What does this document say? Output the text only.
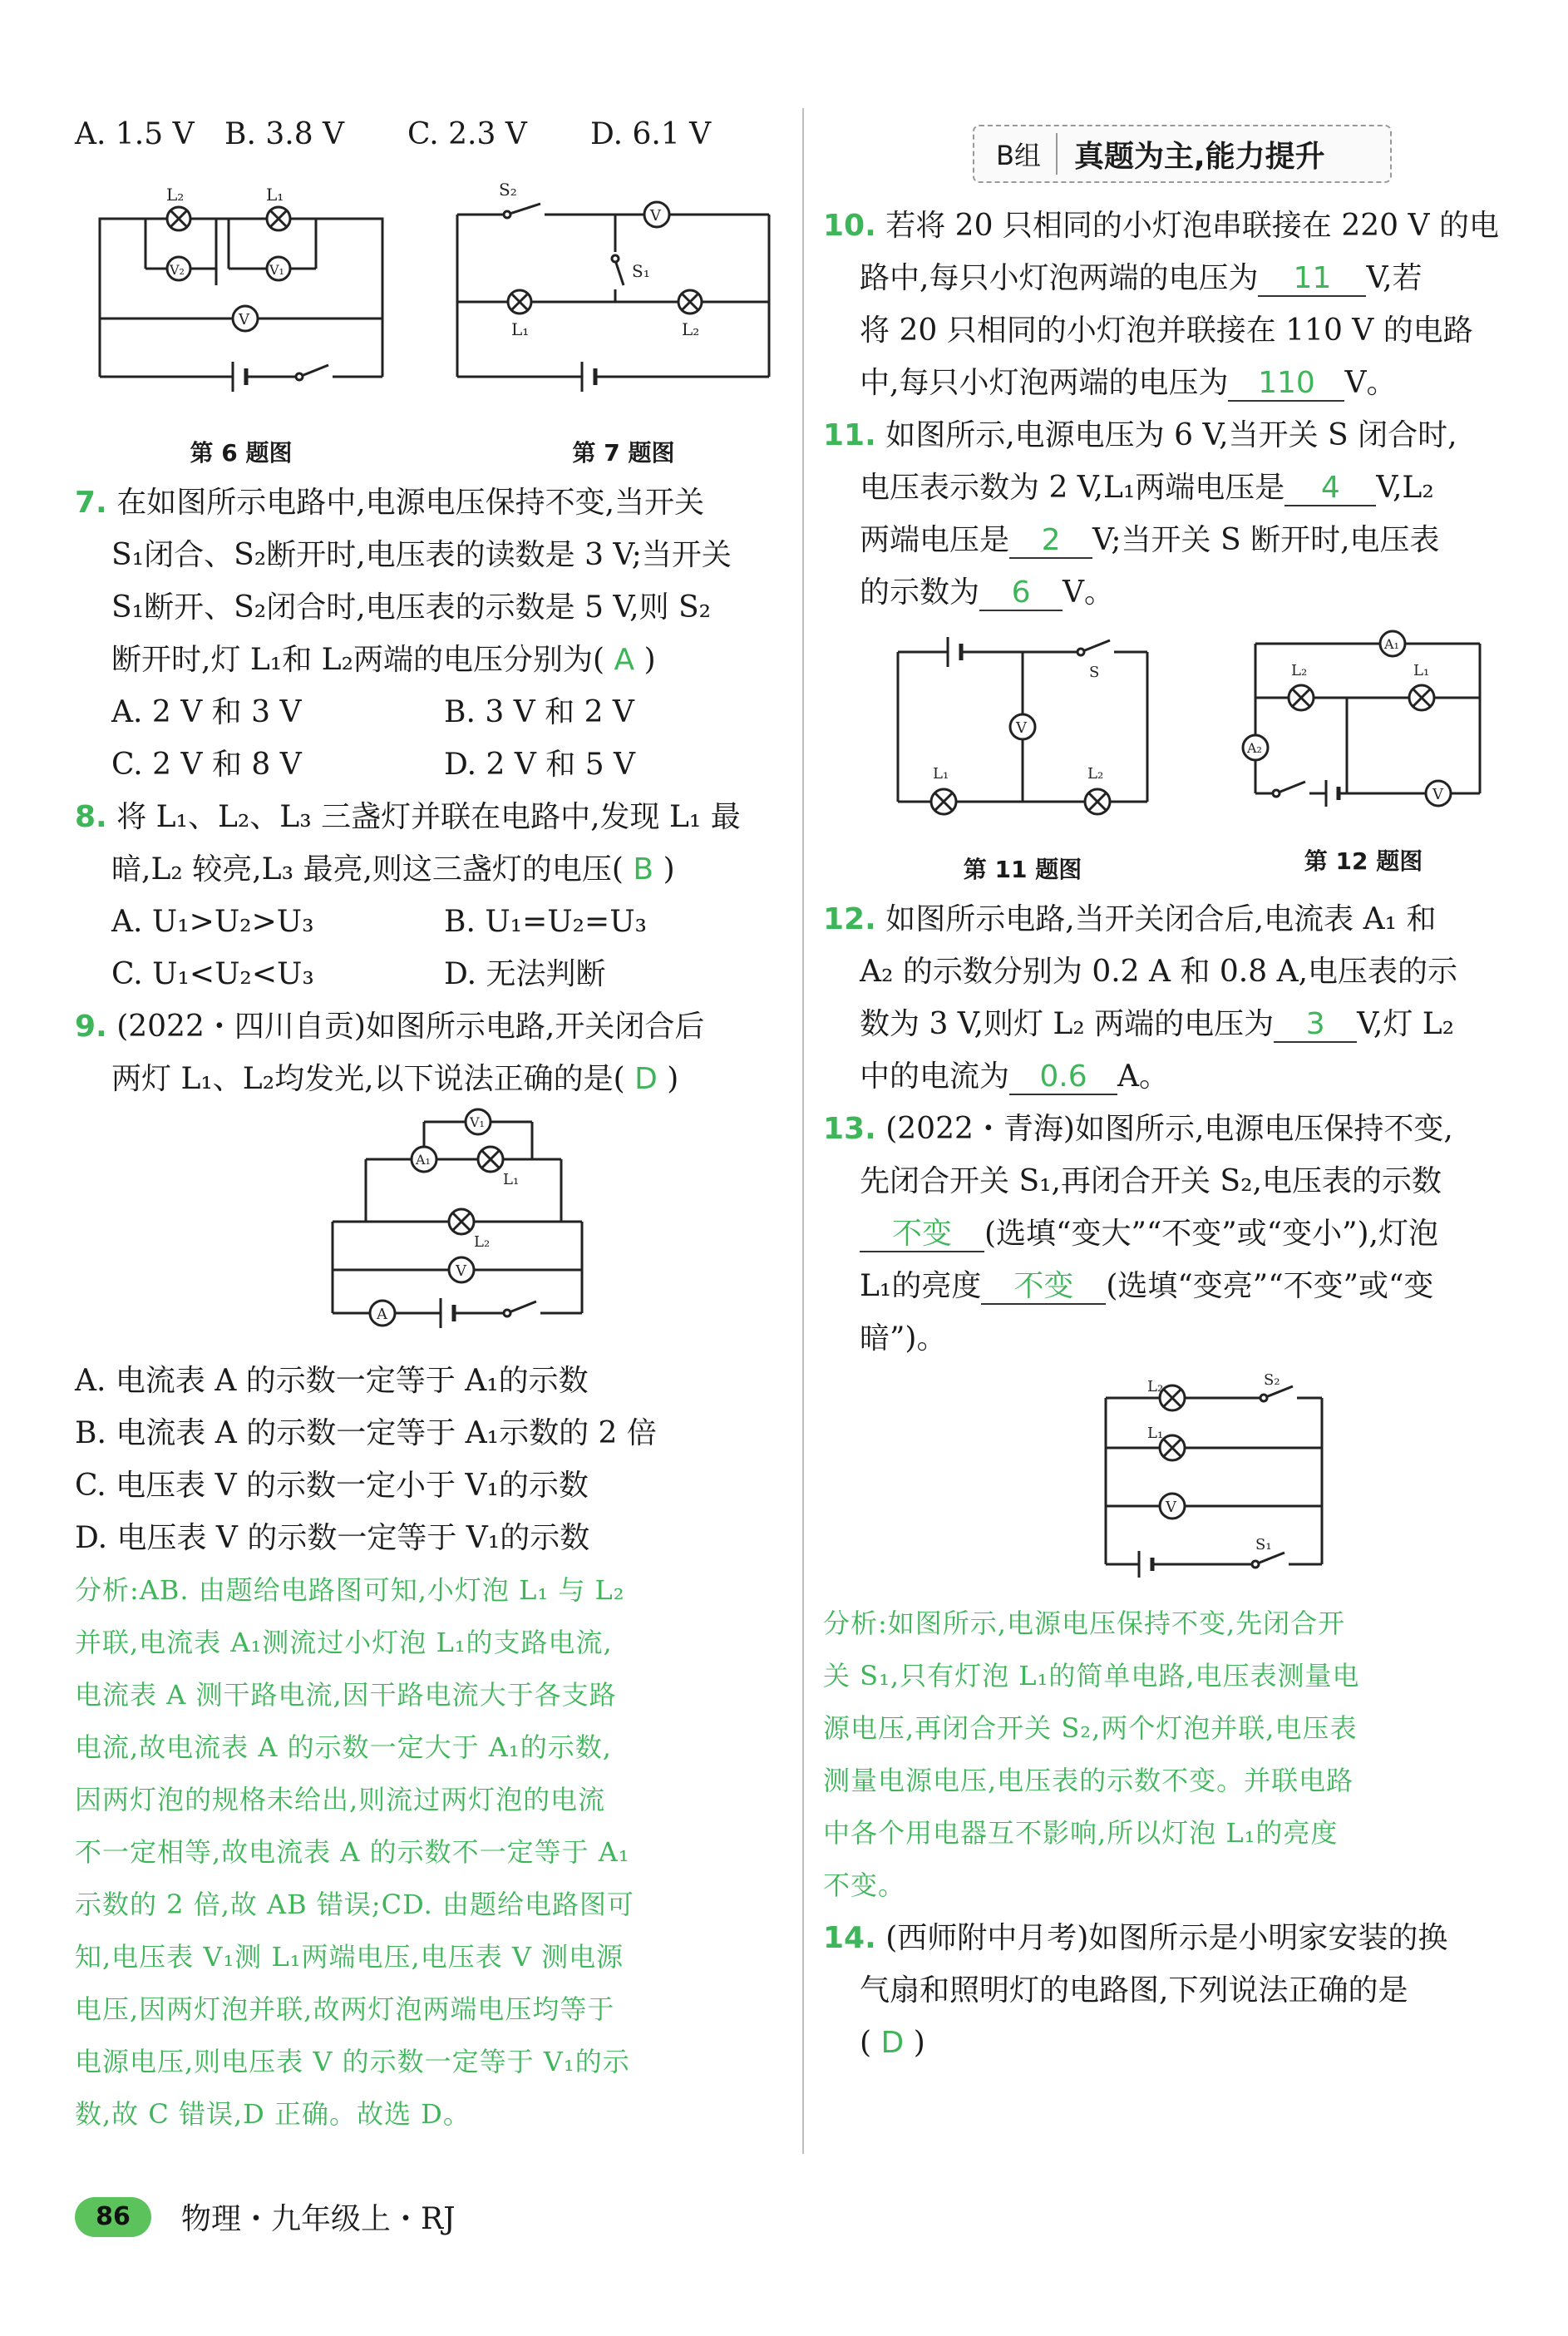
A. 1.5 V B. 3.8 V C. 2.3 V D. 6.1 V
L₂	L₁
V₂	V₁
V
第 6 题图
S₂
S₁
V
L₁	L₂
第 7 题图
7. 在如图所示电路中,电源电压保持不变,当开关
S₁闭合、S₂断开时,电压表的读数是 3 V;当开关
S₁断开、S₂闭合时,电压表的示数是 5 V,则 S₂
断开时,灯 L₁和 L₂两端的电压分别为( A )
A. 2 V 和 3 V	B. 3 V 和 2 V
C. 2 V 和 8 V	D. 2 V 和 5 V
8. 将 L₁、L₂、L₃ 三盏灯并联在电路中,发现 L₁ 最
暗,L₂ 较亮,L₃ 最亮,则这三盏灯的电压( B )
A. U₁>U₂>U₃	B. U₁=U₂=U₃
C. U₁<U₂<U₃	D. 无法判断
9. (2022・四川自贡)如图所示电路,开关闭合后
两灯 L₁、L₂均发光,以下说法正确的是( D )
V₁
A₁
L₁
L₂
V
A
A. 电流表 A 的示数一定等于 A₁的示数
B. 电流表 A 的示数一定等于 A₁示数的 2 倍
C. 电压表 V 的示数一定小于 V₁的示数
D. 电压表 V 的示数一定等于 V₁的示数
分析:AB. 由题给电路图可知,小灯泡 L₁ 与 L₂
并联,电流表 A₁测流过小灯泡 L₁的支路电流,
电流表 A 测干路电流,因干路电流大于各支路
电流,故电流表 A 的示数一定大于 A₁的示数,
因两灯泡的规格未给出,则流过两灯泡的电流
不一定相等,故电流表 A 的示数不一定等于 A₁
示数的 2 倍,故 AB 错误;CD. 由题给电路图可
知,电压表 V₁测 L₁两端电压,电压表 V 测电源
电压,因两灯泡并联,故两灯泡两端电压均等于
电源电压,则电压表 V 的示数一定等于 V₁的示
数,故 C 错误,D 正确。故选 D。
B组	真题为主,能力提升
10. 若将 20 只相同的小灯泡串联接在 220 V 的电
路中,每只小灯泡两端的电压为 11 V,若
将 20 只相同的小灯泡并联接在 110 V 的电路
中,每只小灯泡两端的电压为 110 V。
11. 如图所示,电源电压为 6 V,当开关 S 闭合时,
电压表示数为 2 V,L₁两端电压是 4 V,L₂
两端电压是 2 V;当开关 S 断开时,电压表
的示数为 6 V。
S
V
L₁	L₂
第 11 题图
A₁
A₂
V
L₂	L₁
第 12 题图
12. 如图所示电路,当开关闭合后,电流表 A₁ 和
A₂ 的示数分别为 0.2 A 和 0.8 A,电压表的示
数为 3 V,则灯 L₂ 两端的电压为 3 V,灯 L₂
中的电流为 0.6 A。
13. (2022・青海)如图所示,电源电压保持不变,
先闭合开关 S₁,再闭合开关 S₂,电压表的示数
不变 (选填“变大”“不变”或“变小”),灯泡
L₁的亮度 不变 (选填“变亮”“不变”或“变
暗”)。
L₂
L₁
V
S₂
S₁
分析:如图所示,电源电压保持不变,先闭合开
关 S₁,只有灯泡 L₁的简单电路,电压表测量电
源电压,再闭合开关 S₂,两个灯泡并联,电压表
测量电源电压,电压表的示数不变。并联电路
中各个用电器互不影响,所以灯泡 L₁的亮度
不变。
14. (西师附中月考)如图所示是小明家安装的换
气扇和照明灯的电路图,下列说法正确的是
( D )
86	物理・九年级上・RJ
